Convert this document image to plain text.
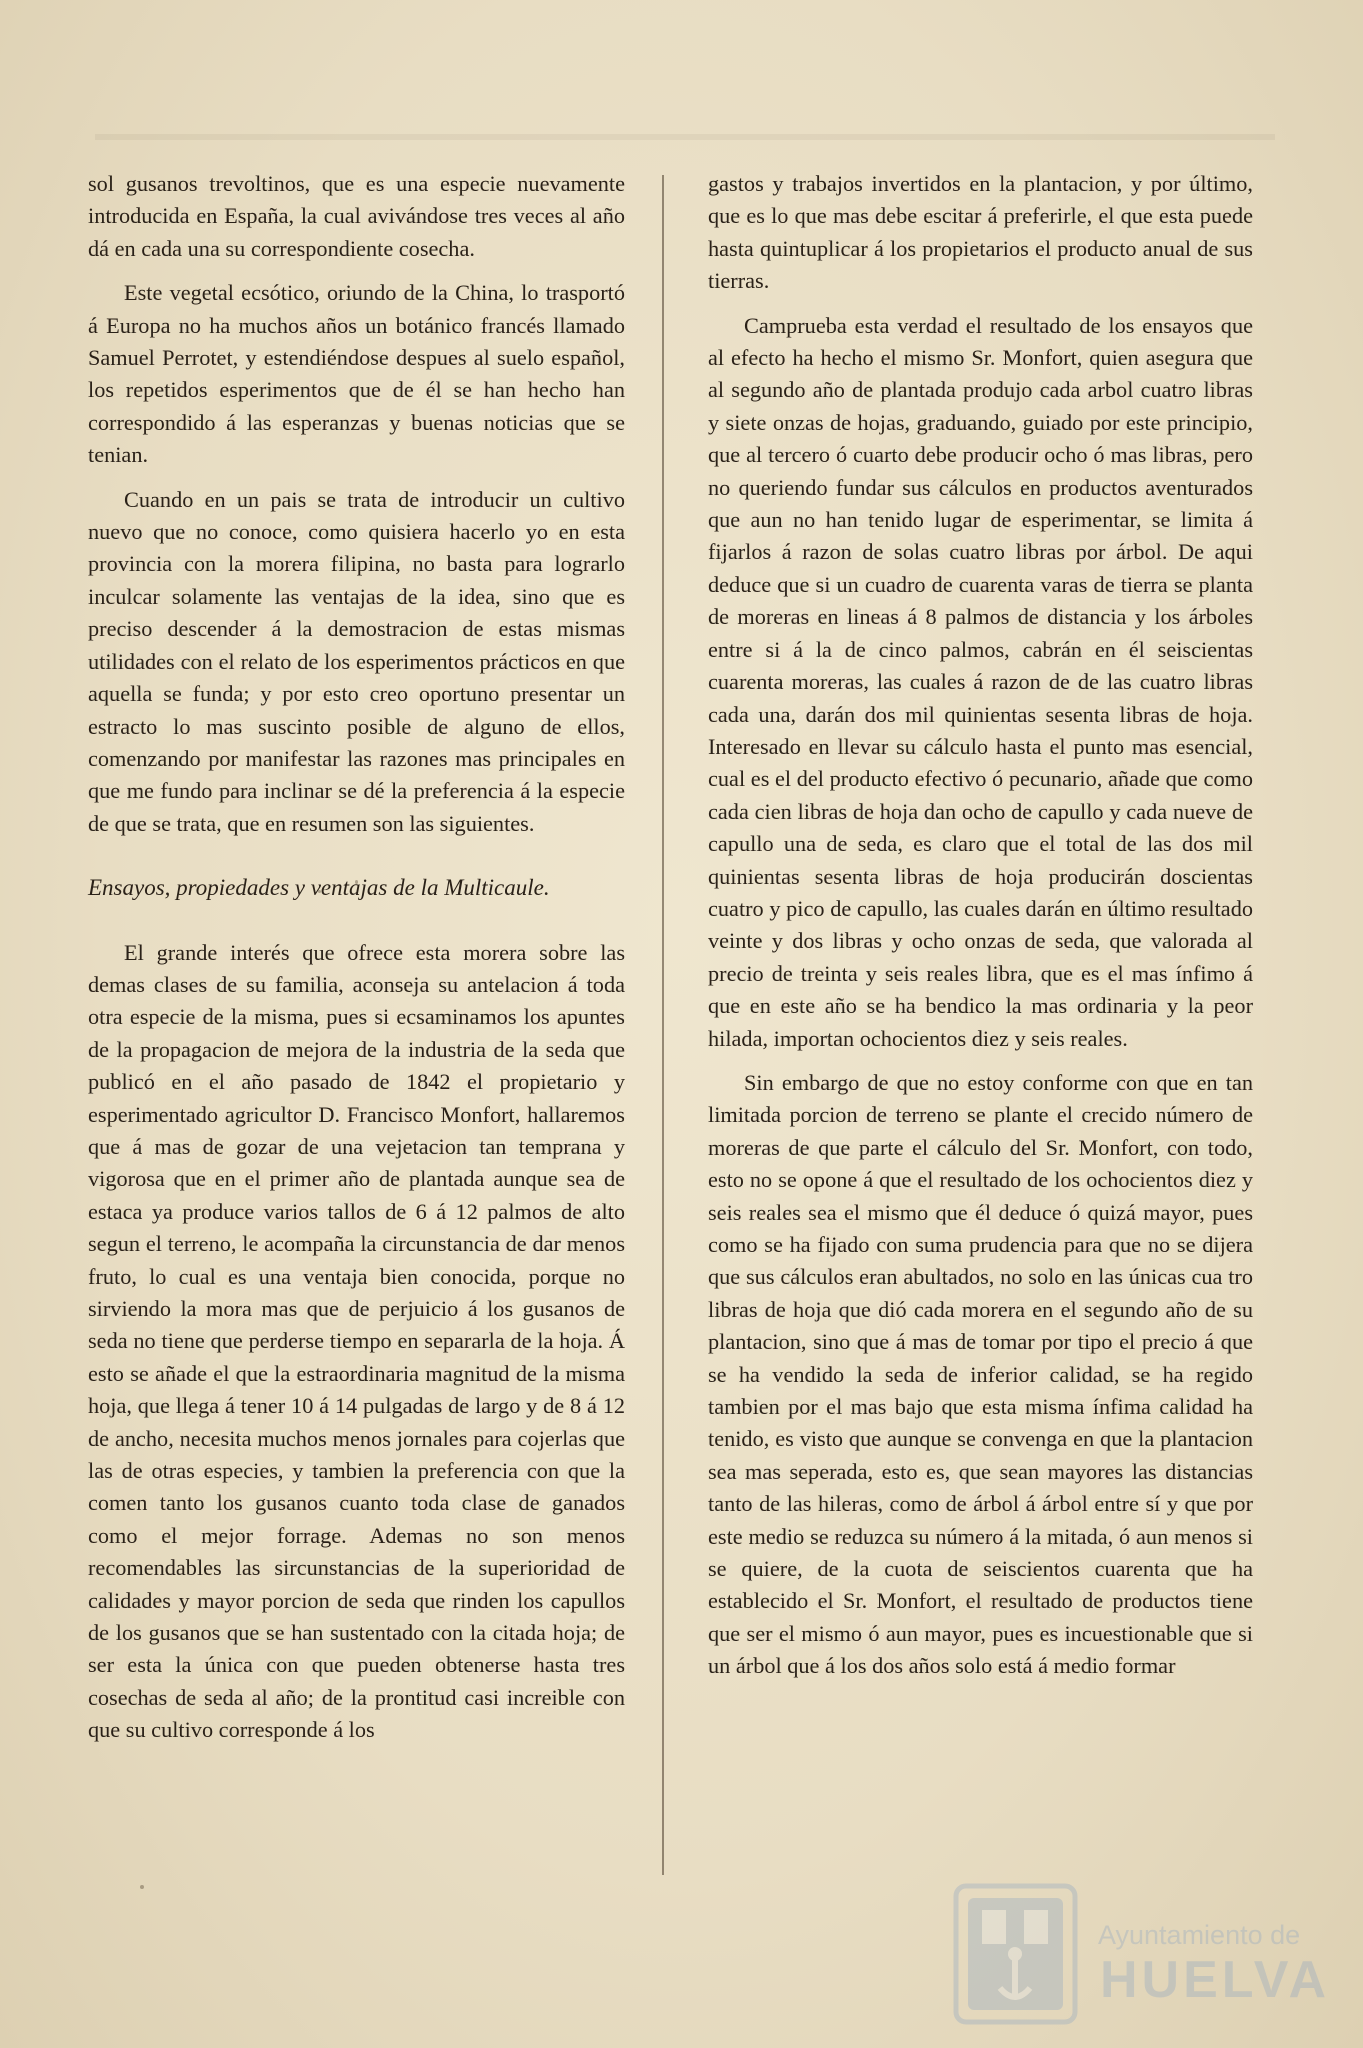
sol gusanos trevoltinos, que es una especie nuevamente introducida en España, la cual avivándose tres veces al año dá en cada una su correspondiente cosecha.

Este vegetal ecsótico, oriundo de la China, lo trasportó á Europa no ha muchos años un botánico francés llamado Samuel Perrotet, y estendiéndose despues al suelo español, los repetidos esperimentos que de él se han hecho han correspondido á las esperanzas y buenas noticias que se tenian.

Cuando en un pais se trata de introducir un cultivo nuevo que no conoce, como quisiera hacerlo yo en esta provincia con la morera filipina, no basta para lograrlo inculcar solamente las ventajas de la idea, sino que es preciso descender á la demostracion de estas mismas utilidades con el relato de los esperimentos prácticos en que aquella se funda; y por esto creo oportuno presentar un estracto lo mas suscinto posible de alguno de ellos, comenzando por manifestar las razones mas principales en que me fundo para inclinar se dé la preferencia á la especie de que se trata, que en resumen son las siguientes.

Ensayos, propiedades y ventajas de la Multicaule.

El grande interés que ofrece esta morera sobre las demas clases de su familia, aconseja su antelacion á toda otra especie de la misma, pues si ecsaminamos los apuntes de la propagacion de mejora de la industria de la seda que publicó en el año pasado de 1842 el propietario y esperimentado agricultor D. Francisco Monfort, hallaremos que á mas de gozar de una vejetacion tan temprana y vigorosa que en el primer año de plantada aunque sea de estaca ya produce varios tallos de 6 á 12 palmos de alto segun el terreno, le acompaña la circunstancia de dar menos fruto, lo cual es una ventaja bien conocida, porque no sirviendo la mora mas que de perjuicio á los gusanos de seda no tiene que perderse tiempo en separarla de la hoja. Á esto se añade el que la estraordinaria magnitud de la misma hoja, que llega á tener 10 á 14 pulgadas de largo y de 8 á 12 de ancho, necesita muchos menos jornales para cojerlas que las de otras especies, y tambien la preferencia con que la comen tanto los gusanos cuanto toda clase de ganados como el mejor forrage. Ademas no son menos recomendables las sircunstancias de la superioridad de calidades y mayor porcion de seda que rinden los capullos de los gusanos que se han sustentado con la citada hoja; de ser esta la única con que pueden obtenerse hasta tres cosechas de seda al año; de la prontitud casi increible con que su cultivo corresponde á los

gastos y trabajos invertidos en la plantacion, y por último, que es lo que mas debe escitar á preferirle, el que esta puede hasta quintuplicar á los propietarios el producto anual de sus tierras.

Camprueba esta verdad el resultado de los ensayos que al efecto ha hecho el mismo Sr. Monfort, quien asegura que al segundo año de plantada produjo cada arbol cuatro libras y siete onzas de hojas, graduando, guiado por este principio, que al tercero ó cuarto debe producir ocho ó mas libras, pero no queriendo fundar sus cálculos en productos aventurados que aun no han tenido lugar de esperimentar, se limita á fijarlos á razon de solas cuatro libras por árbol. De aqui deduce que si un cuadro de cuarenta varas de tierra se planta de moreras en lineas á 8 palmos de distancia y los árboles entre si á la de cinco palmos, cabrán en él seiscientas cuarenta moreras, las cuales á razon de de las cuatro libras cada una, darán dos mil quinientas sesenta libras de hoja. Interesado en llevar su cálculo hasta el punto mas esencial, cual es el del producto efectivo ó pecunario, añade que como cada cien libras de hoja dan ocho de capullo y cada nueve de capullo una de seda, es claro que el total de las dos mil quinientas sesenta libras de hoja producirán doscientas cuatro y pico de capullo, las cuales darán en último resultado veinte y dos libras y ocho onzas de seda, que valorada al precio de treinta y seis reales libra, que es el mas ínfimo á que en este año se ha bendico la mas ordinaria y la peor hilada, importan ochocientos diez y seis reales.

Sin embargo de que no estoy conforme con que en tan limitada porcion de terreno se plante el crecido número de moreras de que parte el cálculo del Sr. Monfort, con todo, esto no se opone á que el resultado de los ochocientos diez y seis reales sea el mismo que él deduce ó quizá mayor, pues como se ha fijado con suma prudencia para que no se dijera que sus cálculos eran abultados, no solo en las únicas cua tro libras de hoja que dió cada morera en el segundo año de su plantacion, sino que á mas de tomar por tipo el precio á que se ha vendido la seda de inferior calidad, se ha regido tambien por el mas bajo que esta misma ínfima calidad ha tenido, es visto que aunque se convenga en que la plantacion sea mas seperada, esto es, que sean mayores las distancias tanto de las hileras, como de árbol á árbol entre sí y que por este medio se reduzca su número á la mitada, ó aun menos si se quiere, de la cuota de seiscientos cuarenta que ha establecido el Sr. Monfort, el resultado de productos tiene que ser el mismo ó aun mayor, pues es incuestionable que si un árbol que á los dos años solo está á medio formar

Ayuntamiento de
HUELVA
